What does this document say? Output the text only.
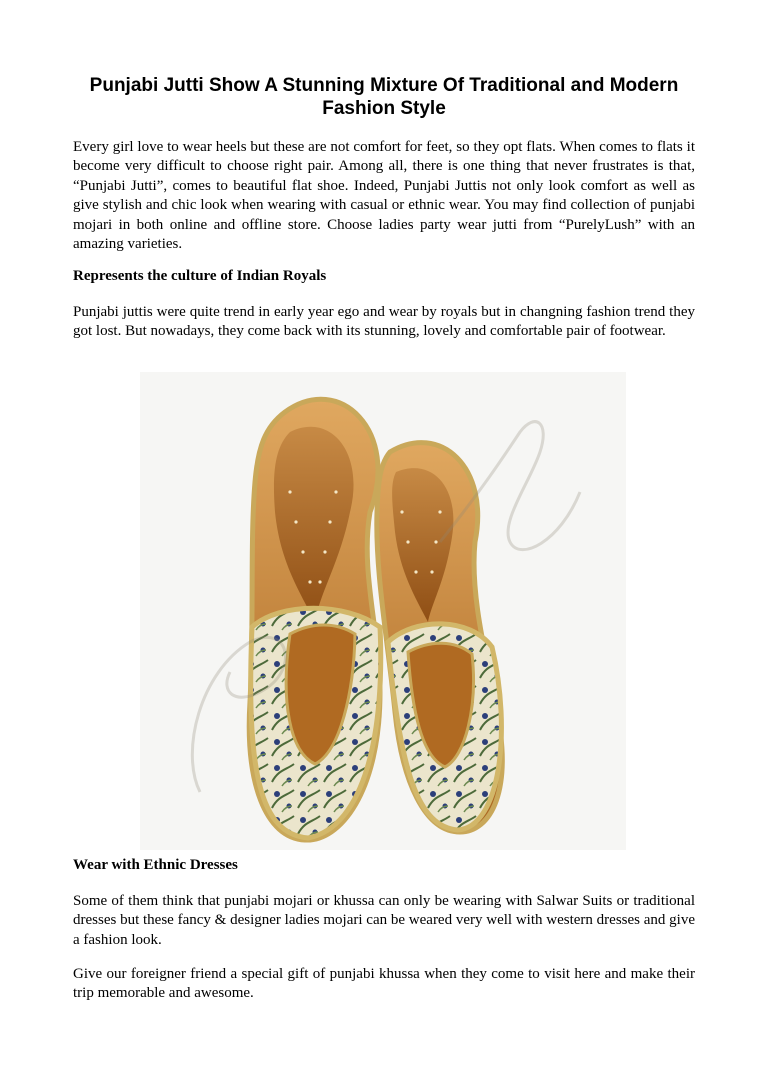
Punjabi Jutti Show A Stunning Mixture Of Traditional and Modern Fashion Style
Every girl love to wear heels but these are not comfort for feet, so they opt flats. When comes to flats it become very difficult to choose right pair. Among all, there is one thing that never frustrates is that, “Punjabi Jutti”, comes to beautiful flat shoe. Indeed, Punjabi Juttis not only look comfort as well as give stylish and chic look when wearing with casual or ethnic wear. You may find collection of punjabi mojari in both online and offline store. Choose ladies party wear jutti from “PurelyLush” with an amazing varieties.
Represents the culture of Indian Royals
Punjabi juttis were quite trend in early year ego and wear by royals but in changning fashion trend they got lost. But nowadays, they come back with its stunning, lovely and comfortable pair of footwear.
Wear with Ethnic Dresses
Some of them think that punjabi mojari or khussa can only be wearing with Salwar Suits or traditional dresses but these fancy & designer ladies mojari can be weared very well with western dresses and give a fashion look.
Give our foreigner friend a special gift of punjabi khussa when they come to visit here and make their trip memorable and awesome.
